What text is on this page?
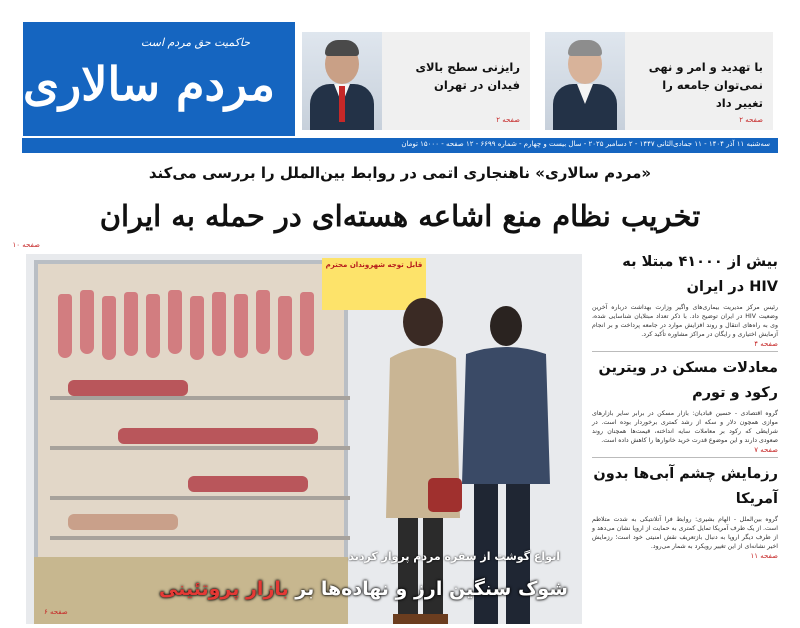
حاکمیت حق مردم است
مردم سالاری	با تهدید و امر و نهی نمی‌توان جامعه را تغییر داد
صفحه ۲
رایزنی سطح بالای فیدان در تهران
صفحه ۲
سه‌شنبه ۱۱ آذر ۱۴۰۴ - ۱۱ جمادی‌الثانی ۱۴۴۷ - ۲ دسامبر ۲۰۲۵ - سال بیست و چهارم - شماره ۶۶۹۹ - ۱۲ صفحه - ۱۵۰۰۰ تومان
«مردم سالاری» ناهنجاری اتمی در روابط بین‌الملل را بررسی می‌کند
تخریب نظام منع اشاعه هسته‌ای در حمله به ایران
صفحه ۱۰
قابل توجه شهروندان محترم
انواع گوشت از سفره مردم پرواز کردند
شوک سنگین ارز و نهاده‌ها بر بازار پروتئینی
صفحه ۶
بیش از ۴۱۰۰۰ مبتلا به HIV در ایران

رئیس مرکز مدیریت بیماری‌های واگیر وزارت بهداشت درباره آخرین وضعیت HIV در ایران توضیح داد. با ذکر تعداد مبتلایان شناسایی شده، وی به راه‌های انتقال و روند افزایش موارد در جامعه پرداخت و بر انجام آزمایش اختیاری و رایگان در مراکز مشاوره تأکید کرد.

صفحه ۴
معادلات مسکن در ویترین رکود و تورم

گروه اقتصادی - حسین قبادیان: بازار مسکن در برابر سایر بازارهای موازی همچون دلار و سکه از رشد کمتری برخوردار بوده است. در شرایطی که رکود بر معاملات سایه انداخته، قیمت‌ها همچنان روند صعودی دارند و این موضوع قدرت خرید خانوارها را کاهش داده است.

صفحه ۷
رزمایش چشم آبی‌ها بدون آمریکا

گروه بین‌الملل - الهام بشیری: روابط فرا آتلانتیکی به شدت متلاطم است. از یک طرف آمریکا تمایل کمتری به حمایت از اروپا نشان می‌دهد و از طرف دیگر اروپا به دنبال بازتعریف نقش امنیتی خود است؛ رزمایش اخیر نشانه‌ای از این تغییر رویکرد به شمار می‌رود.

صفحه ۱۱
